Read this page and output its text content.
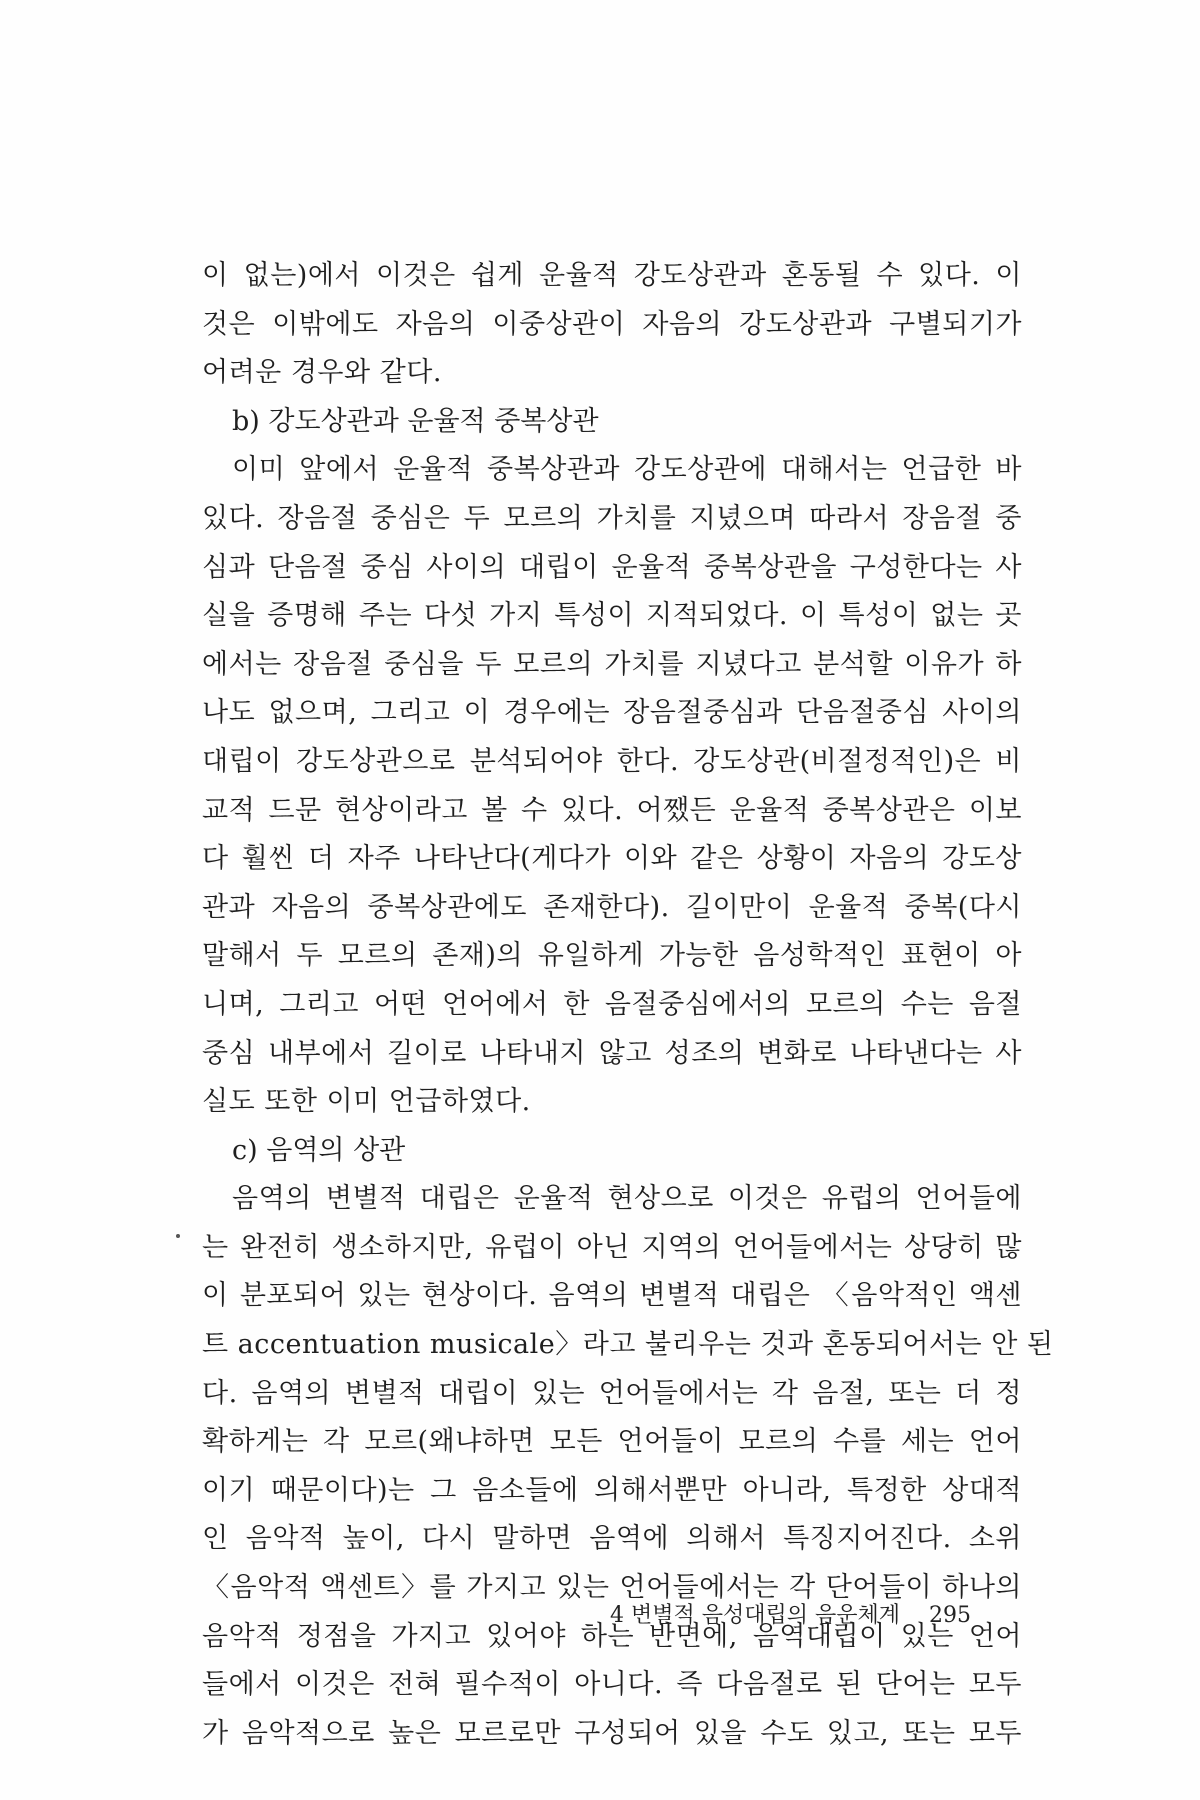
이 없는)에서 이것은 쉽게 운율적 강도상관과 혼동될 수 있다. 이
것은 이밖에도 자음의 이중상관이 자음의 강도상관과 구별되기가
어려운 경우와 같다.
b) 강도상관과 운율적 중복상관
이미 앞에서 운율적 중복상관과 강도상관에 대해서는 언급한 바
있다. 장음절 중심은 두 모르의 가치를 지녔으며 따라서 장음절 중
심과 단음절 중심 사이의 대립이 운율적 중복상관을 구성한다는 사
실을 증명해 주는 다섯 가지 특성이 지적되었다. 이 특성이 없는 곳
에서는 장음절 중심을 두 모르의 가치를 지녔다고 분석할 이유가 하
나도 없으며, 그리고 이 경우에는 장음절중심과 단음절중심 사이의
대립이 강도상관으로 분석되어야 한다. 강도상관(비절정적인)은 비
교적 드문 현상이라고 볼 수 있다. 어쨌든 운율적 중복상관은 이보
다 훨씬 더 자주 나타난다(게다가 이와 같은 상황이 자음의 강도상
관과 자음의 중복상관에도 존재한다). 길이만이 운율적 중복(다시
말해서 두 모르의 존재)의 유일하게 가능한 음성학적인 표현이 아
니며, 그리고 어떤 언어에서 한 음절중심에서의 모르의 수는 음절
중심 내부에서 길이로 나타내지 않고 성조의 변화로 나타낸다는 사
실도 또한 이미 언급하였다.
c) 음역의 상관
음역의 변별적 대립은 운율적 현상으로 이것은 유럽의 언어들에
는 완전히 생소하지만, 유럽이 아닌 지역의 언어들에서는 상당히 많
이 분포되어 있는 현상이다. 음역의 변별적 대립은 〈음악적인 액센
트 accentuation musicale〉라고 불리우는 것과 혼동되어서는 안 된
다. 음역의 변별적 대립이 있는 언어들에서는 각 음절, 또는 더 정
확하게는 각 모르(왜냐하면 모든 언어들이 모르의 수를 세는 언어
이기 때문이다)는 그 음소들에 의해서뿐만 아니라, 특정한 상대적
인 음악적 높이, 다시 말하면 음역에 의해서 특징지어진다. 소위
〈음악적 액센트〉를 가지고 있는 언어들에서는 각 단어들이 하나의
음악적 정점을 가지고 있어야 하는 반면에, 음역대립이 있는 언어
들에서 이것은 전혀 필수적이 아니다. 즉 다음절로 된 단어는 모두
가 음악적으로 높은 모르로만 구성되어 있을 수도 있고, 또는 모두
4 변별적 음성대립의 음운체계 295
